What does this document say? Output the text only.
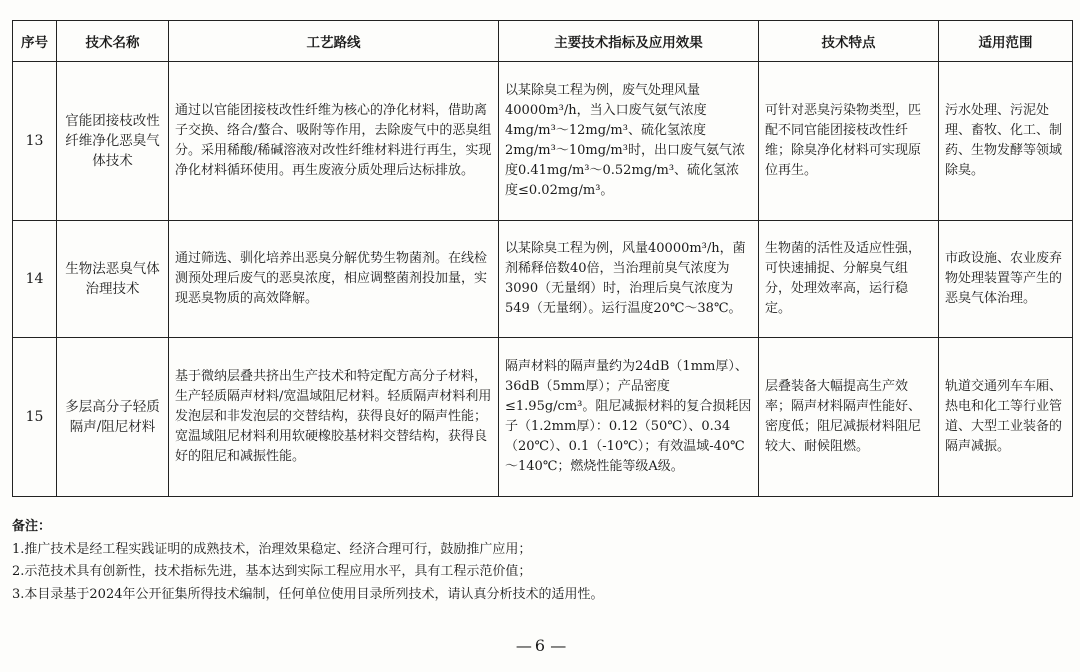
序号	技术名称	工艺路线	主要技术指标及应用效果	技术特点	适用范围
13	官能团接枝改性纤维净化恶臭气体技术	通过以官能团接枝改性纤维为核心的净化材料，借助离子交换、络合/螯合、吸附等作用，去除废气中的恶臭组分。采用稀酸/稀碱溶液对改性纤维材料进行再生，实现净化材料循环使用。再生废液分质处理后达标排放。	以某除臭工程为例，废气处理风量40000m³/h，当入口废气氨气浓度4mg/m³～12mg/m³、硫化氢浓度2mg/m³～10mg/m³时，出口废气氨气浓度0.41mg/m³～0.52mg/m³、硫化氢浓度≤0.02mg/m³。	可针对恶臭污染物类型，匹配不同官能团接枝改性纤维；除臭净化材料可实现原位再生。	污水处理、污泥处理、畜牧、化工、制药、生物发酵等领域除臭。
14	生物法恶臭气体治理技术	通过筛选、驯化培养出恶臭分解优势生物菌剂。在线检测预处理后废气的恶臭浓度，相应调整菌剂投加量，实现恶臭物质的高效降解。	以某除臭工程为例，风量40000m³/h，菌剂稀释倍数40倍，当治理前臭气浓度为3090（无量纲）时，治理后臭气浓度为549（无量纲）。运行温度20℃～38℃。	生物菌的活性及适应性强，可快速捕捉、分解臭气组分，处理效率高，运行稳定。	市政设施、农业废弃物处理装置等产生的恶臭气体治理。
15	多层高分子轻质隔声/阻尼材料	基于微纳层叠共挤出生产技术和特定配方高分子材料，生产轻质隔声材料/宽温域阻尼材料。轻质隔声材料利用发泡层和非发泡层的交替结构，获得良好的隔声性能；宽温域阻尼材料利用软硬橡胶基材料交替结构，获得良好的阻尼和减振性能。	隔声材料的隔声量约为24dB（1mm厚）、36dB（5mm厚）；产品密度≤1.95g/cm³。阻尼减振材料的复合损耗因子（1.2mm厚）：0.12（50℃）、0.34（20℃）、0.1（-10℃）；有效温域-40℃～140℃；燃烧性能等级A级。	层叠装备大幅提高生产效率；隔声材料隔声性能好、密度低；阻尼减振材料阻尼较大、耐候阻燃。	轨道交通列车车厢、热电和化工等行业管道、大型工业装备的隔声减振。
备注：
1.推广技术是经工程实践证明的成熟技术，治理效果稳定、经济合理可行，鼓励推广应用；
2.示范技术具有创新性，技术指标先进，基本达到实际工程应用水平，具有工程示范价值；
3.本目录基于2024年公开征集所得技术编制，任何单位使用目录所列技术，请认真分析技术的适用性。
— 6 —
